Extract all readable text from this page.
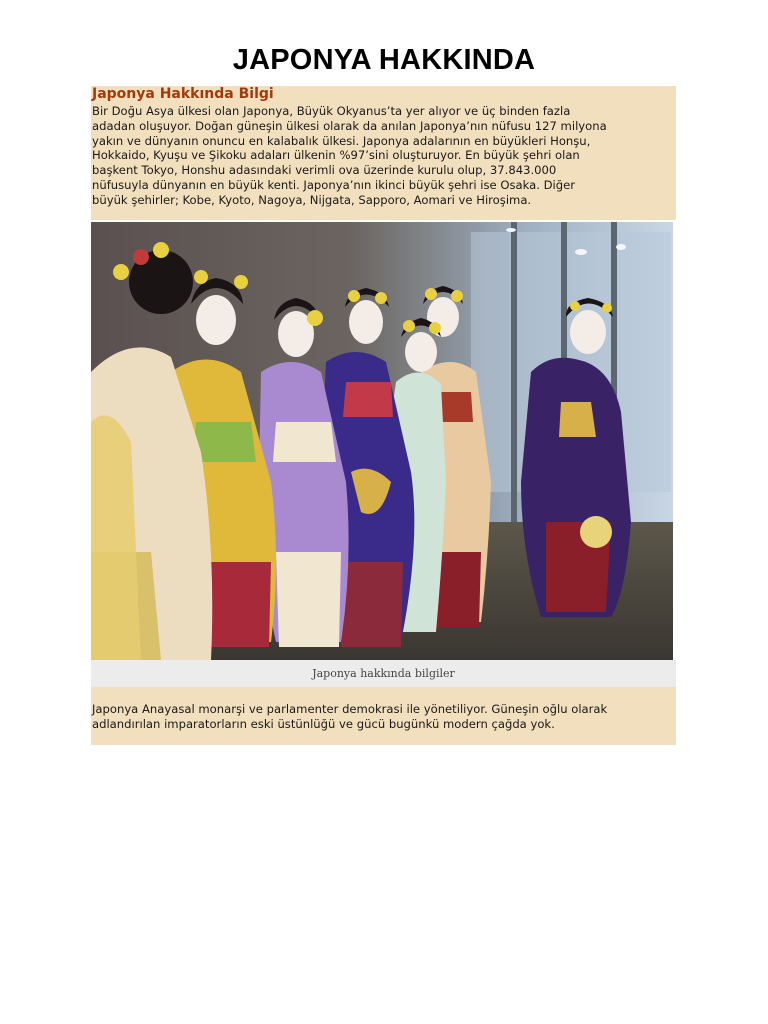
JAPONYA HAKKINDA
Japonya Hakkında Bilgi
Bir Doğu Asya ülkesi olan Japonya, Büyük Okyanus’ta yer alıyor ve üç binden fazla
adadan oluşuyor. Doğan güneşin ülkesi olarak da anılan Japonya’nın nüfusu 127 milyona
yakın ve dünyanın onuncu en kalabalık ülkesi. Japonya adalarının en büyükleri Honşu,
Hokkaido, Kyuşu ve Şikoku adaları ülkenin %97’sini oluşturuyor. En büyük şehri olan
başkent Tokyo, Honshu adasındaki verimli ova üzerinde kurulu olup, 37.843.000
nüfusuyla dünyanın en büyük kenti. Japonya’nın ikinci büyük şehri ise Osaka. Diğer
büyük şehirler; Kobe, Kyoto, Nagoya, Nijgata, Sapporo, Aomari ve Hiroşima.
Japonya hakkında bilgiler
Japonya Anayasal monarşi ve parlamenter demokrasi ile yönetiliyor. Güneşin oğlu olarak
adlandırılan imparatorların eski üstünlüğü ve gücü bugünkü modern çağda yok.
